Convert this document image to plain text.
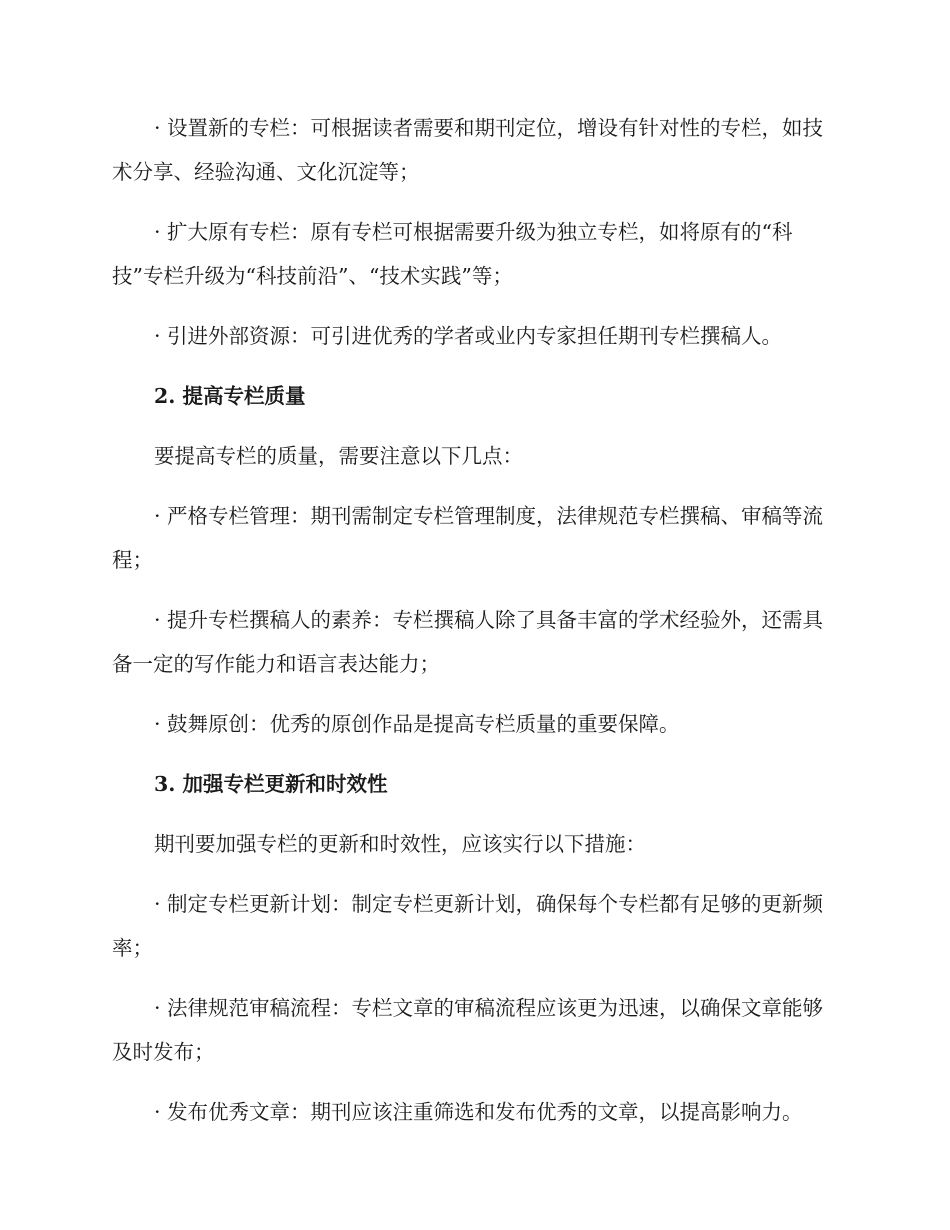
· 设置新的专栏：可根据读者需要和期刊定位，增设有针对性的专栏，如技术分享、经验沟通、文化沉淀等；

· 扩大原有专栏：原有专栏可根据需要升级为独立专栏，如将原有的“科技”专栏升级为“科技前沿”、“技术实践”等；

· 引进外部资源：可引进优秀的学者或业内专家担任期刊专栏撰稿人。

2. 提高专栏质量

要提高专栏的质量，需要注意以下几点：

· 严格专栏管理：期刊需制定专栏管理制度，法律规范专栏撰稿、审稿等流程；

· 提升专栏撰稿人的素养：专栏撰稿人除了具备丰富的学术经验外，还需具备一定的写作能力和语言表达能力；

· 鼓舞原创：优秀的原创作品是提高专栏质量的重要保障。

3. 加强专栏更新和时效性

期刊要加强专栏的更新和时效性，应该实行以下措施：

· 制定专栏更新计划：制定专栏更新计划，确保每个专栏都有足够的更新频率；

· 法律规范审稿流程：专栏文章的审稿流程应该更为迅速，以确保文章能够及时发布；

· 发布优秀文章：期刊应该注重筛选和发布优秀的文章，以提高影响力。
